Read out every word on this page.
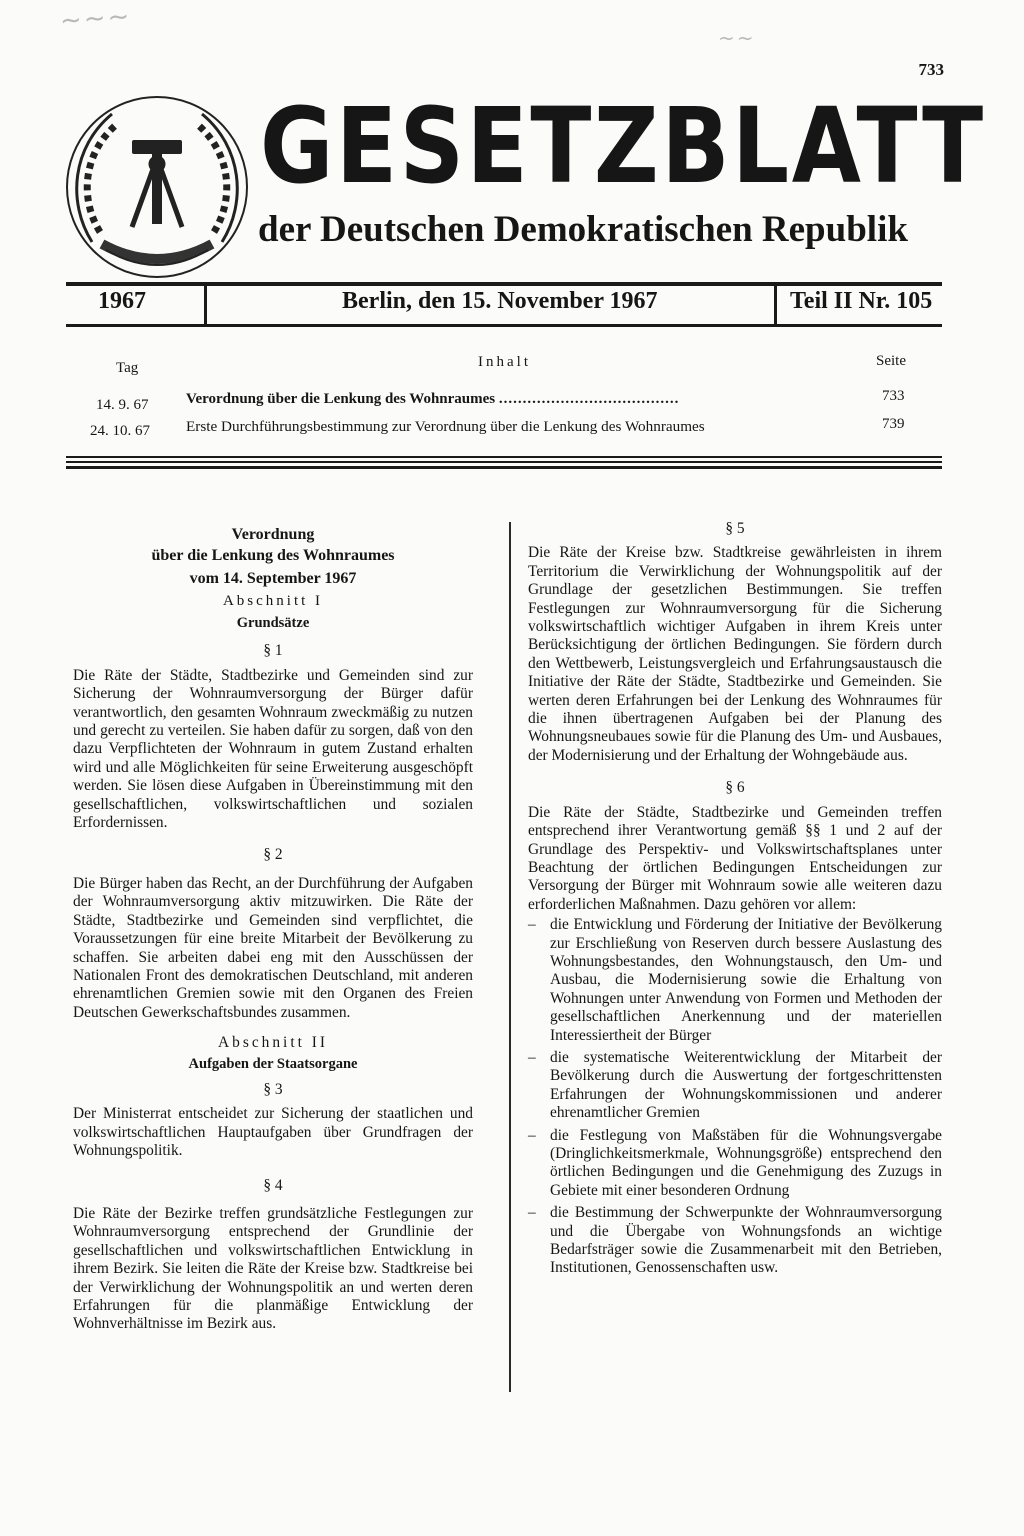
~~~
~~
733
GESETZBLATT
der Deutschen Demokratischen Republik
1967	Berlin, den 15. November 1967	Teil II Nr. 105
Tag	Inhalt	Seite
14. 9. 67	Verordnung über die Lenkung des Wohnraumes ......................................	733
24. 10. 67 Erste Durchführungsbestimmung zur Verordnung über die Lenkung des Wohnraumes	739
Verordnung
über die Lenkung des Wohnraumes
vom 14. September 1967
Abschnitt I
Grundsätze
§ 1

Die Räte der Städte, Stadtbezirke und Gemeinden sind zur Sicherung der Wohnraumversorgung der Bürger dafür verantwortlich, den gesamten Wohnraum zweckmäßig zu nutzen und gerecht zu verteilen. Sie haben dafür zu sorgen, daß von den dazu Verpflichteten der Wohnraum in gutem Zustand erhalten wird und alle Möglichkeiten für seine Erweiterung ausgeschöpft werden. Sie lösen diese Aufgaben in Übereinstimmung mit den gesellschaftlichen, volkswirtschaftlichen und sozialen Erfordernissen.

§ 2

Die Bürger haben das Recht, an der Durchführung der Aufgaben der Wohnraumversorgung aktiv mitzuwirken. Die Räte der Städte, Stadtbezirke und Gemeinden sind verpflichtet, die Voraussetzungen für eine breite Mitarbeit der Bevölkerung zu schaffen. Sie arbeiten dabei eng mit den Ausschüssen der Nationalen Front des demokratischen Deutschland, mit anderen ehrenamtlichen Gremien sowie mit den Organen des Freien Deutschen Gewerkschaftsbundes zusammen.

Abschnitt II
Aufgaben der Staatsorgane
§ 3

Der Ministerrat entscheidet zur Sicherung der staatlichen und volkswirtschaftlichen Hauptaufgaben über Grundfragen der Wohnungspolitik.

§ 4

Die Räte der Bezirke treffen grundsätzliche Festlegungen zur Wohnraumversorgung entsprechend der Grundlinie der gesellschaftlichen und volkswirtschaftlichen Entwicklung in ihrem Bezirk. Sie leiten die Räte der Kreise bzw. Stadtkreise bei der Verwirklichung der Wohnungspolitik an und werten deren Erfahrungen für die planmäßige Entwicklung der Wohnverhältnisse im Bezirk aus.

§ 5

Die Räte der Kreise bzw. Stadtkreise gewährleisten in ihrem Territorium die Verwirklichung der Wohnungspolitik auf der Grundlage der gesetzlichen Bestimmungen. Sie treffen Festlegungen zur Wohnraumversorgung für die Sicherung volkswirtschaftlich wichtiger Aufgaben in ihrem Kreis unter Berücksichtigung der örtlichen Bedingungen. Sie fördern durch den Wettbewerb, Leistungsvergleich und Erfahrungsaustausch die Initiative der Räte der Städte, Stadtbezirke und Gemeinden. Sie werten deren Erfahrungen bei der Lenkung des Wohnraumes für die ihnen übertragenen Aufgaben bei der Planung des Wohnungsneubaues sowie für die Planung des Um- und Ausbaues, der Modernisierung und der Erhaltung der Wohngebäude aus.

§ 6

Die Räte der Städte, Stadtbezirke und Gemeinden treffen entsprechend ihrer Verantwortung gemäß §§ 1 und 2 auf der Grundlage des Perspektiv- und Volkswirtschaftsplanes unter Beachtung der örtlichen Bedingungen Entscheidungen zur Versorgung der Bürger mit Wohnraum sowie alle weiteren dazu erforderlichen Maßnahmen. Dazu gehören vor allem:

– die Entwicklung und Förderung der Initiative der Bevölkerung zur Erschließung von Reserven durch bessere Auslastung des Wohnungsbestandes, den Wohnungstausch, den Um- und Ausbau, die Modernisierung sowie die Erhaltung von Wohnungen unter Anwendung von Formen und Methoden der gesellschaftlichen Anerkennung und der materiellen Interessiertheit der Bürger
– die systematische Weiterentwicklung der Mitarbeit der Bevölkerung durch die Auswertung der fortgeschrittensten Erfahrungen der Wohnungskommissionen und anderer ehrenamtlicher Gremien
– die Festlegung von Maßstäben für die Wohnungsvergabe (Dringlichkeitsmerkmale, Wohnungsgröße) entsprechend den örtlichen Bedingungen und die Genehmigung des Zuzugs in Gebiete mit einer besonderen Ordnung
– die Bestimmung der Schwerpunkte der Wohnraumversorgung und die Übergabe von Wohnungsfonds an wichtige Bedarfsträger sowie die Zusammenarbeit mit den Betrieben, Institutionen, Genossenschaften usw.
